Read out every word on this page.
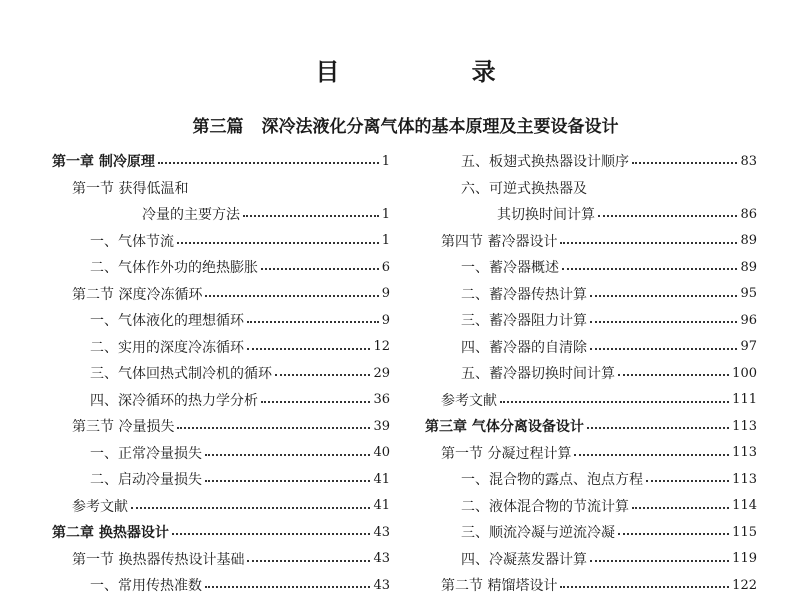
目 录
第三篇 深冷法液化分离气体的基本原理及主要设备设计
第一章 制冷原理	1
第一节 获得低温和
冷量的主要方法	1
一、气体节流	1
二、气体作外功的绝热膨胀	6
第二节 深度冷冻循环	9
一、气体液化的理想循环	9
二、实用的深度冷冻循环	12
三、气体回热式制冷机的循环	29
四、深冷循环的热力学分析	36
第三节 冷量损失	39
一、正常冷量损失	40
二、启动冷量损失	41
参考文献	41
第二章 换热器设计	43
第一节 换热器传热设计基础	43
一、常用传热准数	43
五、板翅式换热器设计顺序	83
六、可逆式换热器及
其切换时间计算	86
第四节 蓄冷器设计	89
一、蓄冷器概述	89
二、蓄冷器传热计算	95
三、蓄冷器阻力计算	96
四、蓄冷器的自清除	97
五、蓄冷器切换时间计算	100
参考文献	111
第三章 气体分离设备设计	113
第一节 分凝过程计算	113
一、混合物的露点、泡点方程	113
二、液体混合物的节流计算	114
三、顺流冷凝与逆流冷凝	115
四、冷凝蒸发器计算	119
第二节 精馏塔设计	122
